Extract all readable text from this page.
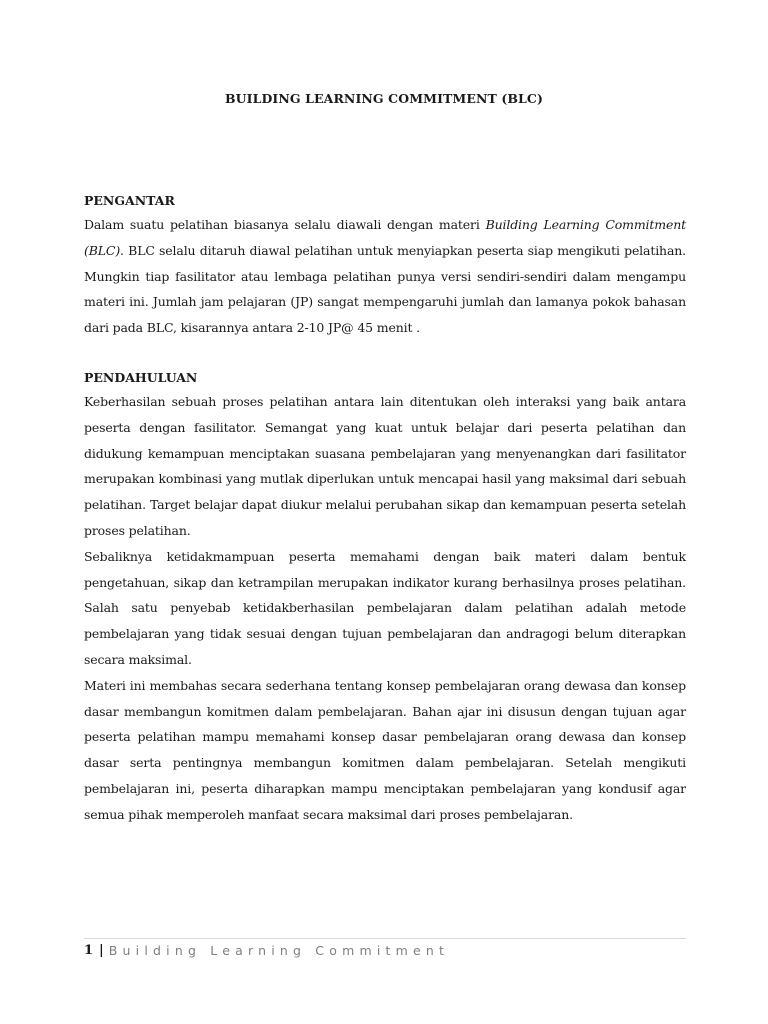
BUILDING LEARNING COMMITMENT (BLC)
PENGANTAR

Dalam suatu pelatihan biasanya selalu diawali dengan materi Building Learning Commitment (BLC). BLC selalu ditaruh diawal pelatihan untuk menyiapkan peserta siap mengikuti pelatihan. Mungkin tiap fasilitator atau lembaga pelatihan punya versi sendiri-sendiri dalam mengampu materi ini. Jumlah jam pelajaran (JP) sangat mempengaruhi jumlah dan lamanya pokok bahasan dari pada BLC, kisarannya antara 2-10 JP@ 45 menit .

PENDAHULUAN

Keberhasilan sebuah proses pelatihan antara lain ditentukan oleh interaksi yang baik antara peserta dengan fasilitator. Semangat yang kuat untuk belajar dari peserta pelatihan dan didukung kemampuan menciptakan suasana pembelajaran yang menyenangkan dari fasilitator merupakan kombinasi yang mutlak diperlukan untuk mencapai hasil yang maksimal dari sebuah pelatihan. Target belajar dapat diukur melalui perubahan sikap dan kemampuan peserta setelah proses pelatihan.

Sebaliknya ketidakmampuan peserta memahami dengan baik materi dalam bentuk pengetahuan, sikap dan ketrampilan merupakan indikator kurang berhasilnya proses pelatihan. Salah satu penyebab ketidakberhasilan pembelajaran dalam pelatihan adalah metode pembelajaran yang tidak sesuai dengan tujuan pembelajaran dan andragogi belum diterapkan secara maksimal.

Materi ini membahas secara sederhana tentang konsep pembelajaran orang dewasa dan konsep dasar membangun komitmen dalam pembelajaran. Bahan ajar ini disusun dengan tujuan agar peserta pelatihan mampu memahami konsep dasar pembelajaran orang dewasa dan konsep dasar serta pentingnya membangun komitmen dalam pembelajaran. Setelah mengikuti pembelajaran ini, peserta diharapkan mampu menciptakan pembelajaran yang kondusif agar semua pihak memperoleh manfaat secara maksimal dari proses pembelajaran.

1 | Building Learning Commitment
